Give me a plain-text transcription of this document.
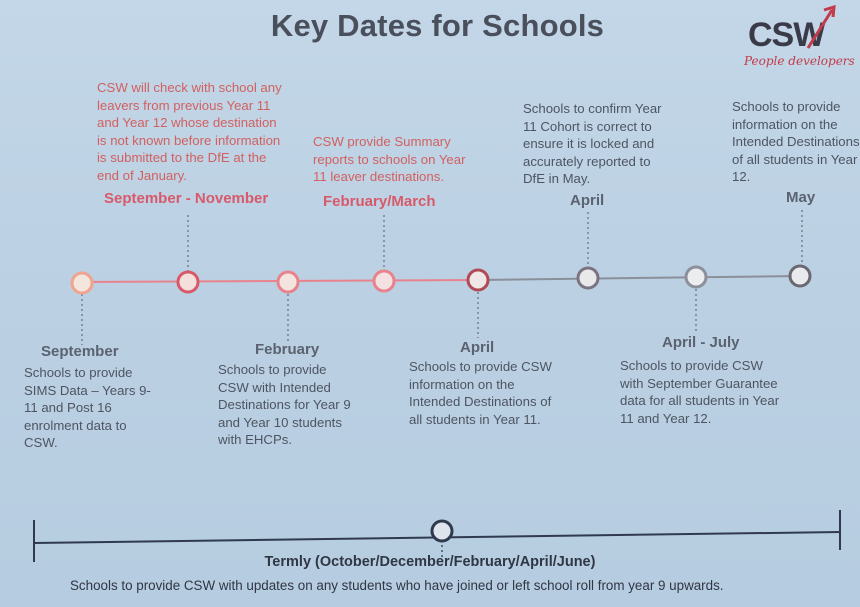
Key Dates for Schools	CSW
People developers
CSW will check with school any leavers from previous Year 11 and Year 12 whose destination is not known before information is submitted to the DfE at the end of January.
September - November
CSW provide Summary reports to schools on Year 11 leaver destinations.
February/March
Schools to confirm Year 11 Cohort is correct to ensure it is locked and accurately reported to DfE in May.
April
Schools to provide information on the Intended Destinations of all students in Year 12.
May
September
Schools to provide SIMS Data – Years 9-11 and Post 16 enrolment data to CSW.
February
Schools to provide CSW with Intended Destinations for Year 9 and Year 10 students with EHCPs.
April
Schools to provide CSW information on the Intended Destinations of all students in Year 11.
April - July
Schools to provide CSW with September Guarantee data for all students in Year 11 and Year 12.
Termly (October/December/February/April/June)
Schools to provide CSW with updates on any students who have joined or left school roll from year 9 upwards.
